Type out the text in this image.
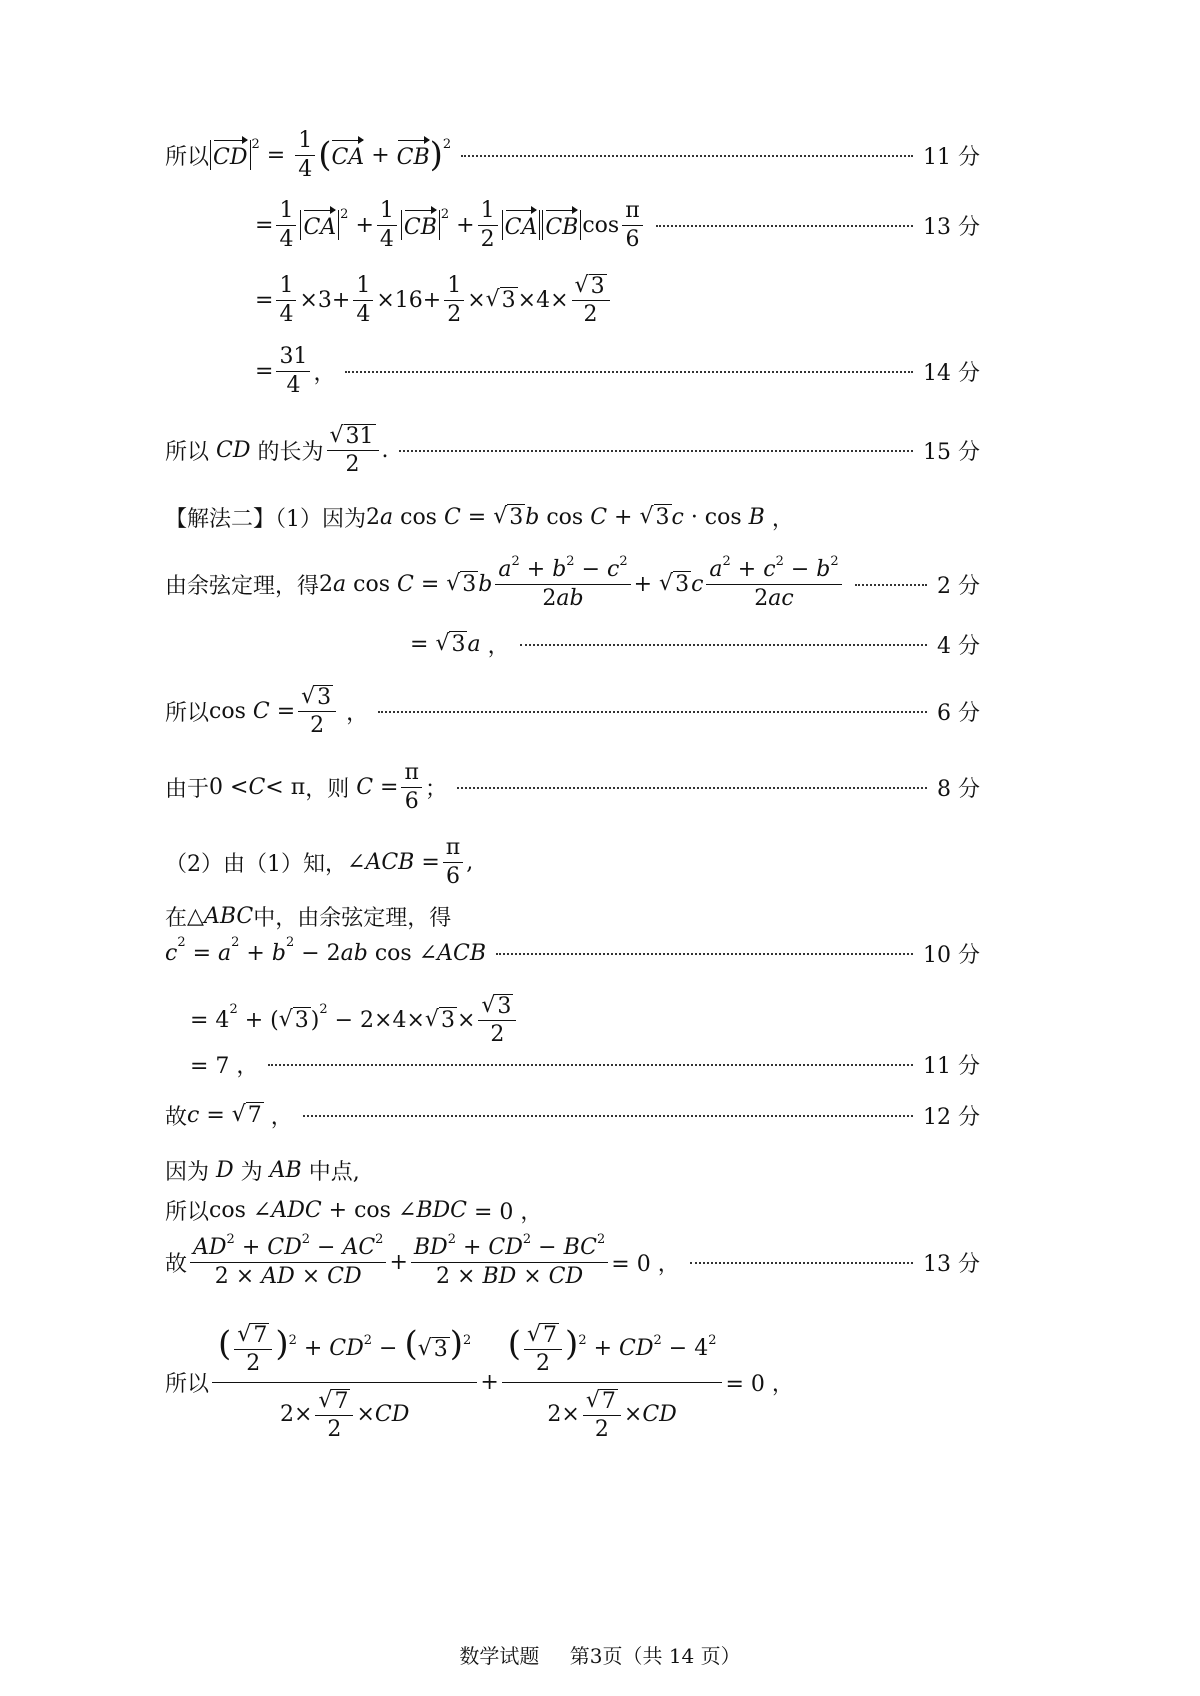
所以 CD
$2 = \frac{1}{4}$ ( CA + CB ) 2
11 分
= $\frac{1}{4}$ CA
$2 + \frac{1}{4}$ CB
$2 + \frac{1}{2}$ CA CB $\cos \frac{\pi}{6}$	13 分
= $\frac{1}{4} \times 3+ \frac{1}{4} \times 16+ \frac{1}{2}$ × √ $3 \times 4\times \frac{√ 3}{2}$
= $\frac{31}{4}$ ，	14 分
所以 CD 的长为 $\frac{√ 31}{2}$ .	15 分
【解法二】（1）因为 2 a cos C = √ 3 b cos C + √ 3 c · cos B ，
由余弦定理，得 2 a cos C = √ 3 b $\frac{a^2 + b^2 - c^2}{2ab}$ + √ 3 c $\frac{a^2 + c^2 - b^2}{2ac}$	2 分
= √ 3 a ，	4 分
所以 $\cos C = \frac{√ 3}{2}$ ，	6 分
由于 0 < C < π ，则 $C = \frac{\pi}{6}$ ；	8 分
（2）由（1）知， ∠ ACB = $\frac{\pi}{6}$ ,
在 △ ABC 中，由余弦定理，得
c 2 = a 2 + b 2 − 2 ab cos ∠ ACB	10 分
= 4 2 + ( √ 3 ) 2 − 2×4× √ $3 \times \frac{√ 3}{2}$
= 7 ，	11 分
故 c = √ 7 ，	12 分
因为 D 为 AB 中点,
所以 cos ∠ ADC + cos ∠ BDC = 0 ，
故 $\frac{AD^2 + CD^2 - AC^2}{2 \times AD \times CD} + \frac{BD^2 + CD^2 - BC^2}{2 \times BD \times CD} = 0$ ，	13 分
所以 $\frac{( \frac{√ 7}{2} )^2 + CD^2 - ( √ 3 )^2}{2\times \frac{√ 7}{2} \times CD} + \frac{( \frac{√ 7}{2} )^2 + CD^2 - 4^2}{2\times \frac{√ 7}{2} \times CD} = 0$ ，
数学试题 第3页（共 14 页）
